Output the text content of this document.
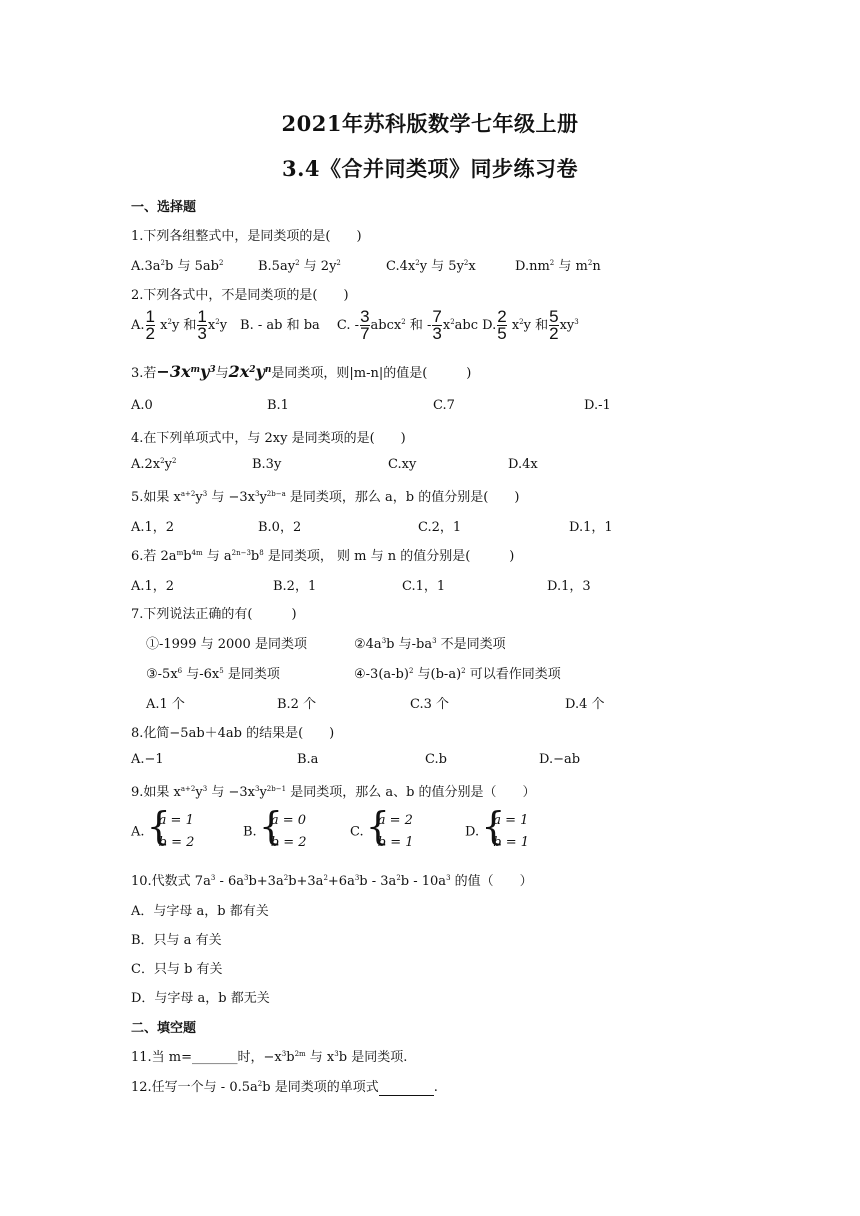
2021年苏科版数学七年级上册
3.4《合并同类项》同步练习卷
一、选择题
1.下列各组整式中，是同类项的是(　　)
$A.3a^2b$ 与 $5ab^2$	$B.5ay^2$ 与 $2y^2$	$C.4x^2y$ 与 $5y^2x$	$D.nm^2$ 与 $m^2n$
2.下列各式中，不是同类项的是(　　)
A. $\frac{1}{2} x^2y$ 和 $\frac{1}{3} x^2y$　B. - ab 和 ba　 C. - $\frac{3}{7}$ abcx$^2$ 和 - $\frac{7}{3} x^2abc$ D. $\frac{2}{5} x^2y$ 和 $\frac{5}{2} xy^3$
3.若$-3x^my^3$与$2x^2y^n$是同类项，则|m-n|的值是(　　　)
A.0	B.1	C.7	D.-1
4.在下列单项式中，与 2xy 是同类项的是(　　)
$A.2x^2y^2$	B.3y	C.xy	D.4x
5.如果 $x^{a+2}y^3$ 与 $-3x^3y^{2b-a}$ 是同类项，那么 a，b 的值分别是(　　)
A.1，2	B.0，2	C.2，1	D.1，1
6.若 $2a^mb^{4m}$ 与 $a^{2n-3}b^8$ 是同类项， 则 m 与 n 的值分别是(　　　)
A.1，2	B.2，1	C.1，1	D.1，3
7.下列说法正确的有(　　　)
①-1999 与 2000 是同类项	$②4a^3b$ 与$-ba^3$ 不是同类项
$③-5x^6$ 与$-6x^5$ 是同类项	$④-3(a-b)^2$ 与$(b-a)^2$ 可以看作同类项
A.1 个	B.2 个	C.3 个	D.4 个
8.化简−5ab＋4ab 的结果是(　　)
A.−1	B.a	C.b	D.−ab
9.如果 $x^{a+2}y^3$ 与 $-3x^3y^{2b-1}$ 是同类项，那么 a、b 的值分别是（　　）
A.
{ a = 1
b = 2
B.
{ a = 0
b = 2
C.
{ a = 2
b = 1
D.
{ a = 1
b = 1
10.代数式 $7a^3 - 6a^3b+3a^2b+3a^2+6a^3b - 3a^2b - 10a^3$ 的值（　　）
A．与字母 a，b 都有关
B．只与 a 有关
C．只与 b 有关
D．与字母 a，b 都无关
二、填空题
11.当 m=_______时，$-x^3b^{2m}$ 与 $x^3b$ 是同类项.
12.任写一个与 - $0.5a^2b$ 是同类项的单项式	.
